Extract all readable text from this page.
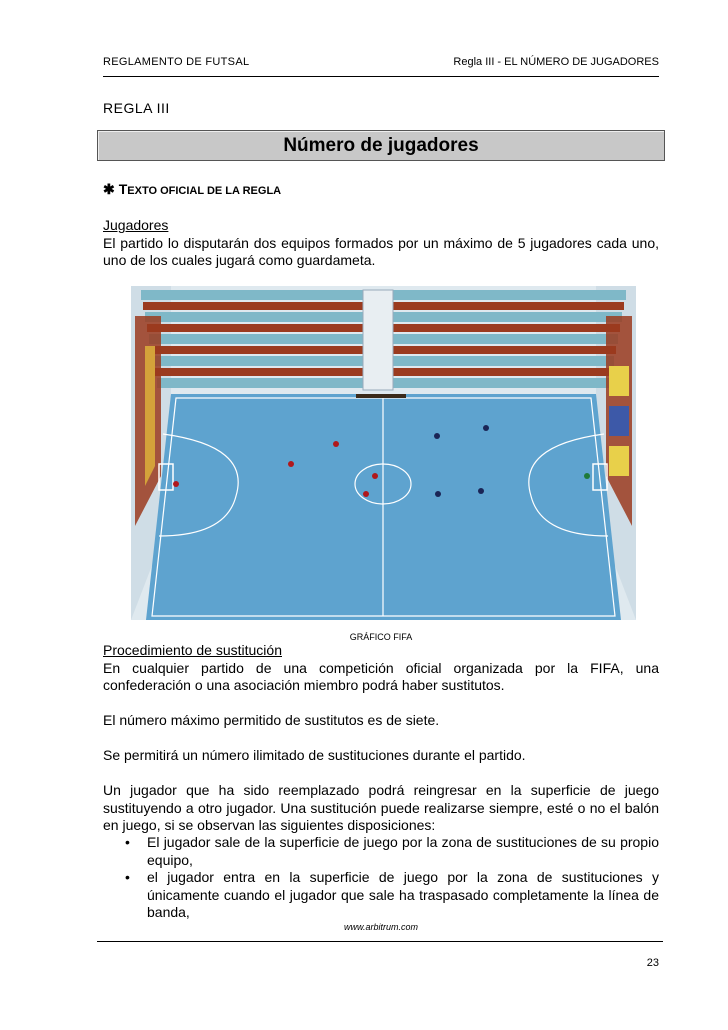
REGLAMENTO DE FUTSAL	Regla III - EL NÚMERO DE JUGADORES
REGLA III
Número de jugadores
✱ TEXTO OFICIAL DE LA REGLA
Jugadores
El partido lo disputarán dos equipos formados por un máximo de 5 jugadores cada uno, uno de los cuales jugará como guardameta.
GRÁFICO FIFA
Procedimiento de sustitución
En cualquier partido de una competición oficial organizada por la FIFA, una confederación o una asociación miembro podrá haber sustitutos.
El número máximo permitido de sustitutos es de siete.
Se permitirá un número ilimitado de sustituciones durante el partido.
Un jugador que ha sido reemplazado podrá reingresar en la superficie de juego sustituyendo a otro jugador. Una sustitución puede realizarse siempre, esté o no el balón en juego, si se observan las siguientes disposiciones:
• El jugador sale de la superficie de juego por la zona de sustituciones de su propio equipo,
• el jugador entra en la superficie de juego por la zona de sustituciones y únicamente cuando el jugador que sale ha traspasado completamente la línea de banda,
www.arbitrum.com
23
